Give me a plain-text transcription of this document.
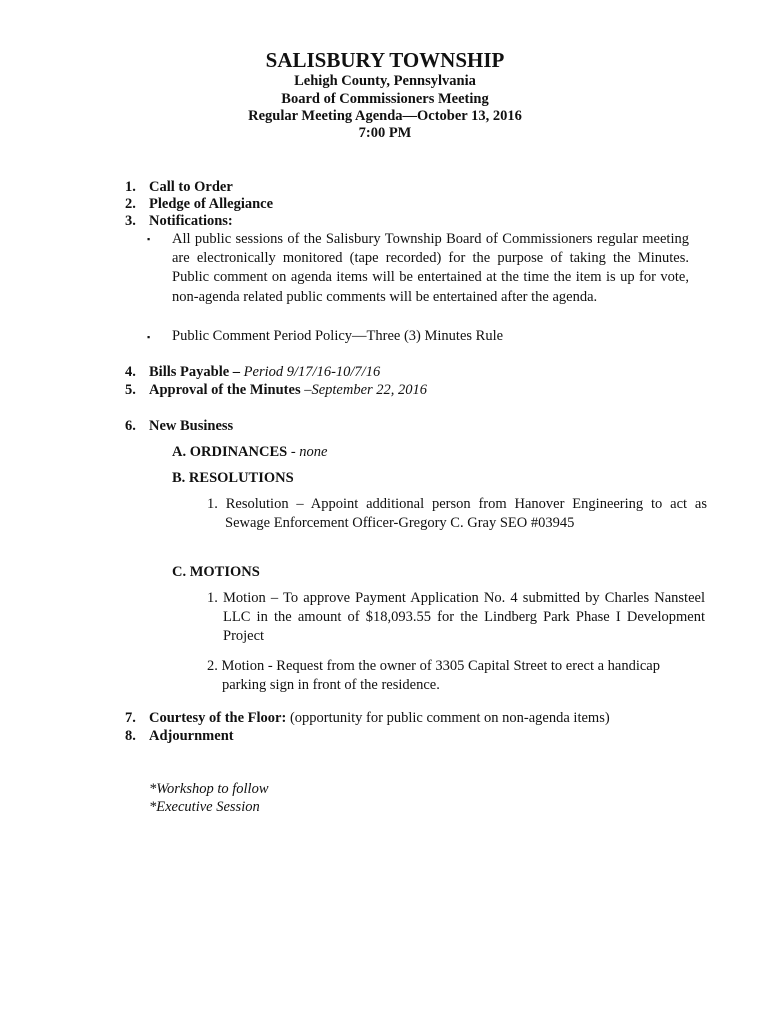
SALISBURY TOWNSHIP
Lehigh County, Pennsylvania
Board of Commissioners Meeting
Regular Meeting Agenda—October 13, 2016
7:00 PM
1. Call to Order
2. Pledge of Allegiance
3. Notifications:
▪ All public sessions of the Salisbury Township Board of Commissioners regular meeting are electronically monitored (tape recorded) for the purpose of taking the Minutes. Public comment on agenda items will be entertained at the time the item is up for vote, non-agenda related public comments will be entertained after the agenda.
▪ Public Comment Period Policy—Three (3) Minutes Rule
4. Bills Payable – Period 9/17/16-10/7/16
5. Approval of the Minutes –September 22, 2016
6. New Business
A. ORDINANCES - none
B. RESOLUTIONS
1. Resolution – Appoint additional person from Hanover Engineering to act as Sewage Enforcement Officer-Gregory C. Gray SEO #03945
C. MOTIONS
1. Motion – To approve Payment Application No. 4 submitted by Charles Nansteel LLC in the amount of $18,093.55 for the Lindberg Park Phase I Development Project
2. Motion - Request from the owner of 3305 Capital Street to erect a handicap parking sign in front of the residence.
7. Courtesy of the Floor: (opportunity for public comment on non-agenda items)
8. Adjournment
*Workshop to follow
*Executive Session
